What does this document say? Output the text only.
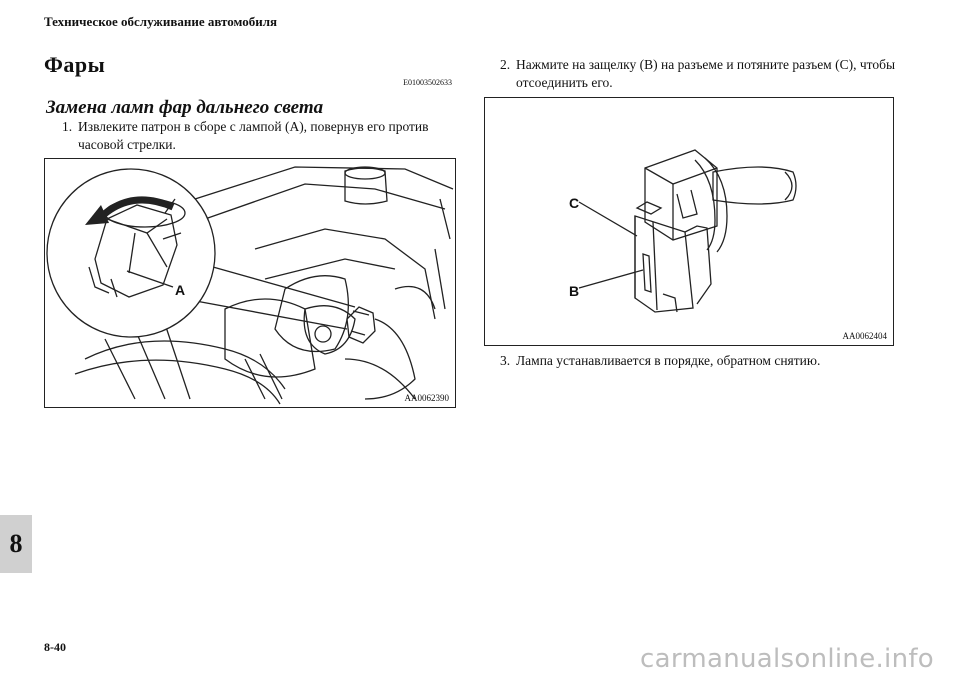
Техническое обслуживание автомобиля
Фары
E01003502633
Замена ламп фар дальнего света
1. Извлеките патрон в сборе с лампой (A), повернув его против часовой стрелки.
A
AA0062390
2. Нажмите на защелку (B) на разъеме и потяните разъем (C), чтобы отсоединить его.
C
B
AA0062404
3. Лампа устанавливается в порядке, обратном снятию.
8
8-40	carmanualsonline.info
